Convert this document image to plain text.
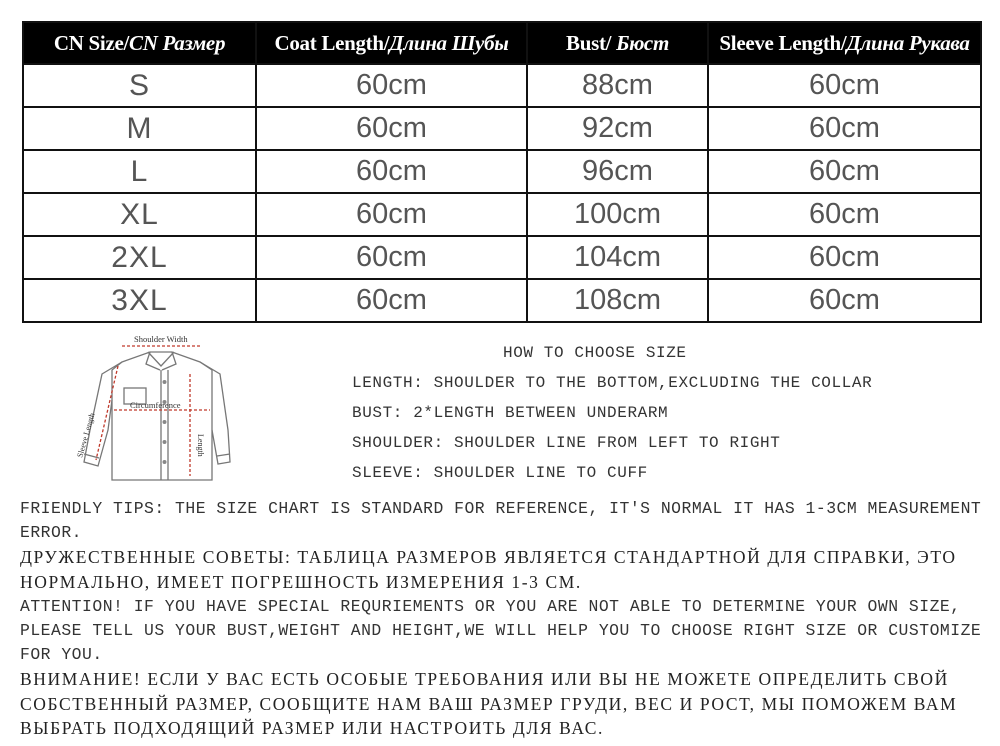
CN Size/CN Размер	Coat Length/Длина Шубы	Bust/ Бюст	Sleeve Length/Длина Рукава
S	60cm	88cm	60cm
M	60cm	92cm	60cm
L	60cm	96cm	60cm
XL	60cm	100cm	60cm
2XL	60cm	104cm	60cm
3XL	60cm	108cm	60cm
Shoulder Width
Circumference
Sleeve Length	Length
HOW TO CHOOSE SIZE
LENGTH: SHOULDER TO THE BOTTOM,EXCLUDING THE COLLAR
BUST: 2*LENGTH BETWEEN UNDERARM
SHOULDER: SHOULDER LINE FROM LEFT TO RIGHT
SLEEVE: SHOULDER LINE TO CUFF
FRIENDLY TIPS: THE SIZE CHART IS STANDARD FOR REFERENCE, IT'S NORMAL IT HAS 1-3CM MEASUREMENT ERROR.
ДРУЖЕСТВЕННЫЕ СОВЕТЫ: ТАБЛИЦА РАЗМЕРОВ ЯВЛЯЕТСЯ СТАНДАРТНОЙ ДЛЯ СПРАВКИ, ЭТО НОРМАЛЬНО, ИМЕЕТ ПОГРЕШНОСТЬ ИЗМЕРЕНИЯ 1-3 СМ.
ATTENTION! IF YOU HAVE SPECIAL REQURIEMENTS OR YOU ARE NOT ABLE TO DETERMINE YOUR OWN SIZE, PLEASE TELL US YOUR BUST,WEIGHT AND HEIGHT,WE WILL HELP YOU TO CHOOSE RIGHT SIZE OR CUSTOMIZE FOR YOU.
ВНИМАНИЕ! ЕСЛИ У ВАС ЕСТЬ ОСОБЫЕ ТРЕБОВАНИЯ ИЛИ ВЫ НЕ МОЖЕТЕ ОПРЕДЕЛИТЬ СВОЙ СОБСТВЕННЫЙ РАЗМЕР, СООБЩИТЕ НАМ ВАШ РАЗМЕР ГРУДИ, ВЕС И РОСТ, МЫ ПОМОЖЕМ ВАМ ВЫБРАТЬ ПОДХОДЯЩИЙ РАЗМЕР ИЛИ НАСТРОИТЬ ДЛЯ ВАС.
